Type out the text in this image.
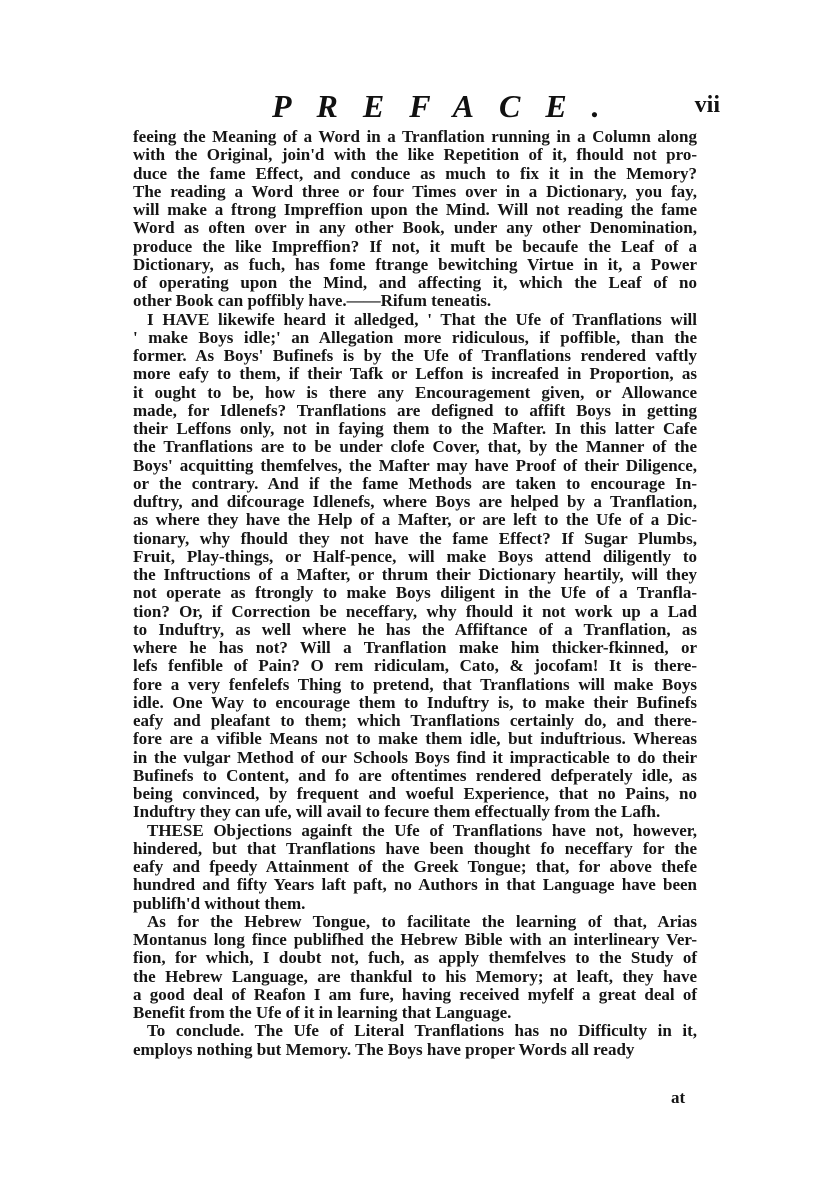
PREFACE.	vii

feeing the Meaning of a Word in a Tranflation running in a Column along
with the Original, join'd with the like Repetition of it, fhould not pro-
duce the fame Effect, and conduce as much to fix it in the Memory?
The reading a Word three or four Times over in a Dictionary, you fay,
will make a ftrong Impreffion upon the Mind. Will not reading the fame
Word as often over in any other Book, under any other Denomination,
produce the like Impreffion? If not, it muft be becaufe the Leaf of a
Dictionary, as fuch, has fome ftrange bewitching Virtue in it, a Power
of operating upon the Mind, and affecting it, which the Leaf of no
other Book can poffibly have.——Rifum teneatis.

I HAVE likewife heard it alledged, ' That the Ufe of Tranflations will
' make Boys idle;' an Allegation more ridiculous, if poffible, than the
former. As Boys' Bufinefs is by the Ufe of Tranflations rendered vaftly
more eafy to them, if their Tafk or Leffon is increafed in Proportion, as
it ought to be, how is there any Encouragement given, or Allowance
made, for Idlenefs? Tranflations are defigned to affift Boys in getting
their Leffons only, not in faying them to the Mafter. In this latter Cafe
the Tranflations are to be under clofe Cover, that, by the Manner of the
Boys' acquitting themfelves, the Mafter may have Proof of their Diligence,
or the contrary. And if the fame Methods are taken to encourage In-
duftry, and difcourage Idlenefs, where Boys are helped by a Tranflation,
as where they have the Help of a Mafter, or are left to the Ufe of a Dic-
tionary, why fhould they not have the fame Effect? If Sugar Plumbs,
Fruit, Play-things, or Half-pence, will make Boys attend diligently to
the Inftructions of a Mafter, or thrum their Dictionary heartily, will they
not operate as ftrongly to make Boys diligent in the Ufe of a Tranfla-
tion? Or, if Correction be neceffary, why fhould it not work up a Lad
to Induftry, as well where he has the Affiftance of a Tranflation, as
where he has not? Will a Tranflation make him thicker-fkinned, or
lefs fenfible of Pain? O rem ridiculam, Cato, & jocofam! It is there-
fore a very fenfelefs Thing to pretend, that Tranflations will make Boys
idle. One Way to encourage them to Induftry is, to make their Bufinefs
eafy and pleafant to them; which Tranflations certainly do, and there-
fore are a vifible Means not to make them idle, but induftrious. Whereas
in the vulgar Method of our Schools Boys find it impracticable to do their
Bufinefs to Content, and fo are oftentimes rendered defperately idle, as
being convinced, by frequent and woeful Experience, that no Pains, no
Induftry they can ufe, will avail to fecure them effectually from the Lafh.

THESE Objections againft the Ufe of Tranflations have not, however,
hindered, but that Tranflations have been thought fo neceffary for the
eafy and fpeedy Attainment of the Greek Tongue; that, for above thefe
hundred and fifty Years laft paft, no Authors in that Language have been
publifh'd without them.

As for the Hebrew Tongue, to facilitate the learning of that, Arias
Montanus long fince publifhed the Hebrew Bible with an interlineary Ver-
fion, for which, I doubt not, fuch, as apply themfelves to the Study of
the Hebrew Language, are thankful to his Memory; at leaft, they have
a good deal of Reafon I am fure, having received myfelf a great deal of
Benefit from the Ufe of it in learning that Language.

To conclude. The Ufe of Literal Tranflations has no Difficulty in it,
employs nothing but Memory. The Boys have proper Words all ready

at
